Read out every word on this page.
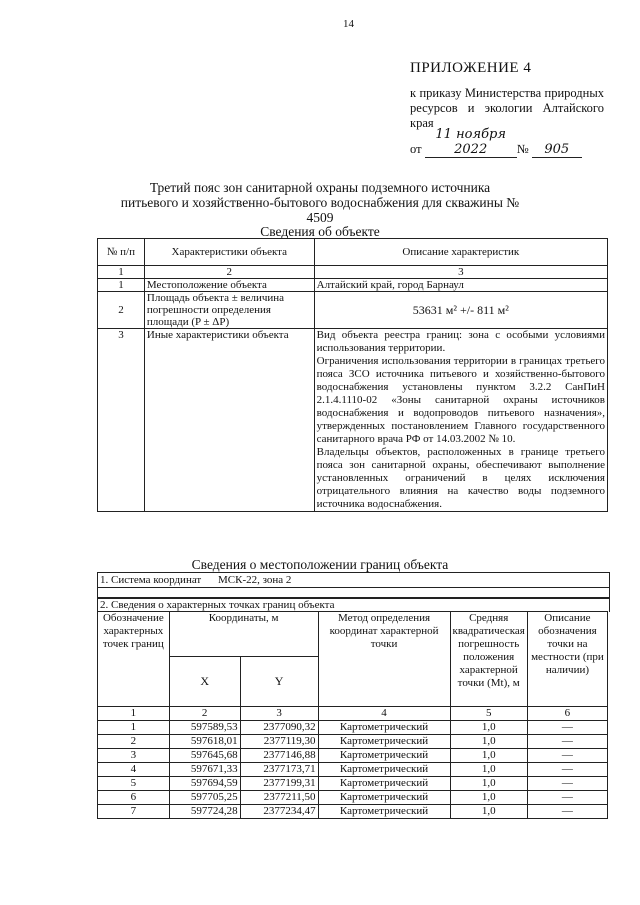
14
ПРИЛОЖЕНИЕ 4
к приказу Министерства природных ресурсов и экологии Алтайского края
от 11 ноября 2022 № 905
Третий пояс зон санитарной охраны подземного источника питьевого и хозяйственно-бытового водоснабжения для скважины № 4509
Сведения об объекте
№ п/п	Характеристики объекта	Описание характеристик
1	2	3
1	Местоположение объекта	Алтайский край, город Барнаул
2	Площадь объекта ± величина погрешности определения площади (P ± ΔP)	53631 м² +/- 811 м²
3	Иные характеристики объекта	Вид объекта реестра границ: зона с особыми условиями использования территории.
Ограничения использования территории в границах третьего пояса ЗСО источника питьевого и хозяйственно-бытового водоснабжения установлены пунктом 3.2.2 СанПиН 2.1.4.1110-02 «Зоны санитарной охраны источников водоснабжения и водопроводов питьевого назначения», утвержденных постановлением Главного государственного санитарного врача РФ от 14.03.2002 № 10.
Владельцы объектов, расположенных в границе третьего пояса зон санитарной охраны, обеспечивают выполнение установленных ограничений в целях исключения отрицательного влияния на качество воды подземного источника водоснабжения.
Сведения о местоположении границ объекта
1. Система координат МСК-22, зона 2
2. Сведения о характерных точках границ объекта
Обозначение характерных точек границ	Координаты, м		Метод определения координат характерной точки	Средняя квадратическая погрешность положения характерной точки (Mt), м	Описание обозначения точки на местности (при наличии)
	X	Y			
1	2	3	4	5	6
1	597589,53	2377090,32	Картометрический	1,0	—
2	597618,01	2377119,30	Картометрический	1,0	—
3	597645,68	2377146,88	Картометрический	1,0	—
4	597671,33	2377173,71	Картометрический	1,0	—
5	597694,59	2377199,31	Картометрический	1,0	—
6	597705,25	2377211,50	Картометрический	1,0	—
7	597724,28	2377234,47	Картометрический	1,0	—
